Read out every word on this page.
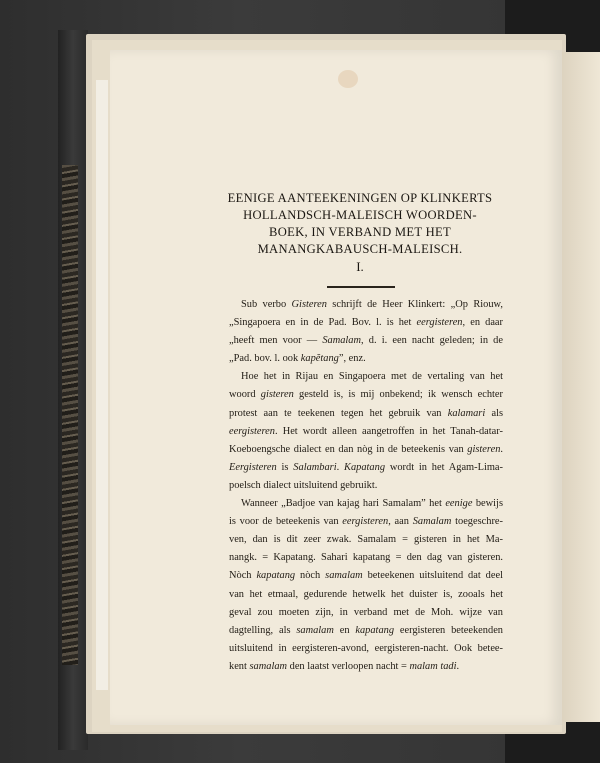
EENIGE AANTEEKENINGEN OP KLINKERTS
HOLLANDSCH-MALEISCH WOORDEN-
BOEK, IN VERBAND MET HET
MANANGKABAUSCH-MALEISCH.
I.

Sub verbo Gisteren schrijft de Heer Klinkert: „Op Riouw,
„Singapoera en in de Pad. Bov. l. is het eergisteren, en daar
„heeft men voor — Samalam, d. i. een nacht geleden; in de
„Pad. bov. l. ook kapĕtang”, enz.

Hoe het in Rijau en Singapoera met de vertaling van het
woord gisteren gesteld is, is mij onbekend; ik wensch echter
protest aan te teekenen tegen het gebruik van kalamari als
eergisteren. Het wordt alleen aangetroffen in het Tanah-datar-
Koeboengsche dialect en dan nòg in de beteekenis van gisteren.
Eergisteren is Salambari. Kapatang wordt in het Agam-Lima-
poelsch dialect uitsluitend gebruikt.

Wanneer „Badjoe van kajag hari Samalam” het eenige bewijs
is voor de beteekenis van eergisteren, aan Samalam toegeschre-
ven, dan is dit zeer zwak. Samalam = gisteren in het Ma-
nangk. = Kapatang. Sahari kapatang = den dag van gisteren.
Nòch kapatang nòch samalam beteekenen uitsluitend dat deel
van het etmaal, gedurende hetwelk het duister is, zooals het
geval zou moeten zijn, in verband met de Moh. wijze van
dagtelling, als samalam en kapatang eergisteren beteekenden
uitsluitend in eergisteren-avond, eergisteren-nacht. Ook betee-
kent samalam den laatst verloopen nacht = malam tadi.
